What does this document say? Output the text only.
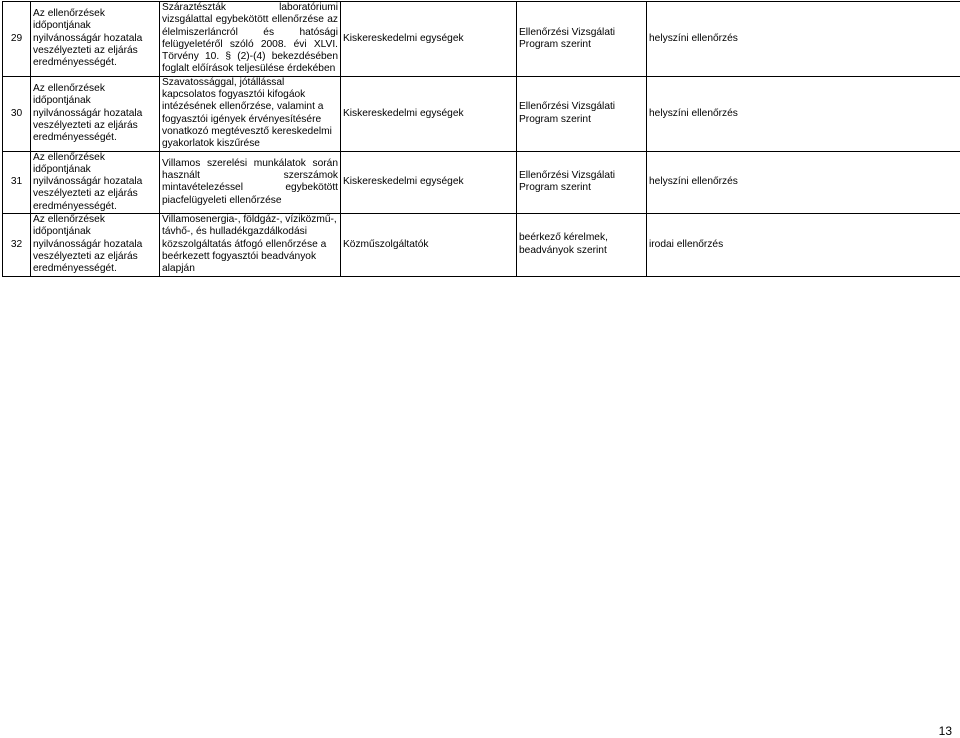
29	Az ellenőrzések időpontjának nyilvánosságár hozatala veszélyezteti az eljárás eredményességét.	Száraztészták laboratóriumi vizsgálattal egybekötött ellenőrzése az élelmiszerláncról és hatósági felügyeletéről szóló 2008. évi XLVI. Törvény 10. § (2)-(4) bekezdésében foglalt előírások teljesülése érdekében	Kiskereskedelmi egységek	Ellenőrzési Vizsgálati Program szerint	helyszíni ellenőrzés
30	Az ellenőrzések időpontjának nyilvánosságár hozatala veszélyezteti az eljárás eredményességét.	Szavatossággal, jótállással kapcsolatos fogyasztói kifogáok intézésének ellenőrzése, valamint a fogyasztói igények érvényesítésére vonatkozó megtévesztő kereskedelmi gyakorlatok kiszűrése	Kiskereskedelmi egységek	Ellenőrzési Vizsgálati Program szerint	helyszíni ellenőrzés
31	Az ellenőrzések időpontjának nyilvánosságár hozatala veszélyezteti az eljárás eredményességét.	Villamos szerelési munkálatok során használt szerszámok mintavételezéssel egybekötött piacfelügyeleti ellenőrzése	Kiskereskedelmi egységek	Ellenőrzési Vizsgálati Program szerint	helyszíni ellenőrzés
32	Az ellenőrzések időpontjának nyilvánosságár hozatala veszélyezteti az eljárás eredményességét.	Villamosenergia-, földgáz-, víziközmű-, távhő-, és hulladékgazdálkodási közszolgáltatás átfogó ellenőrzése a beérkezett fogyasztói beadványok alapján	Közműszolgáltatók	beérkező kérelmek, beadványok szerint	irodai ellenőrzés
13
